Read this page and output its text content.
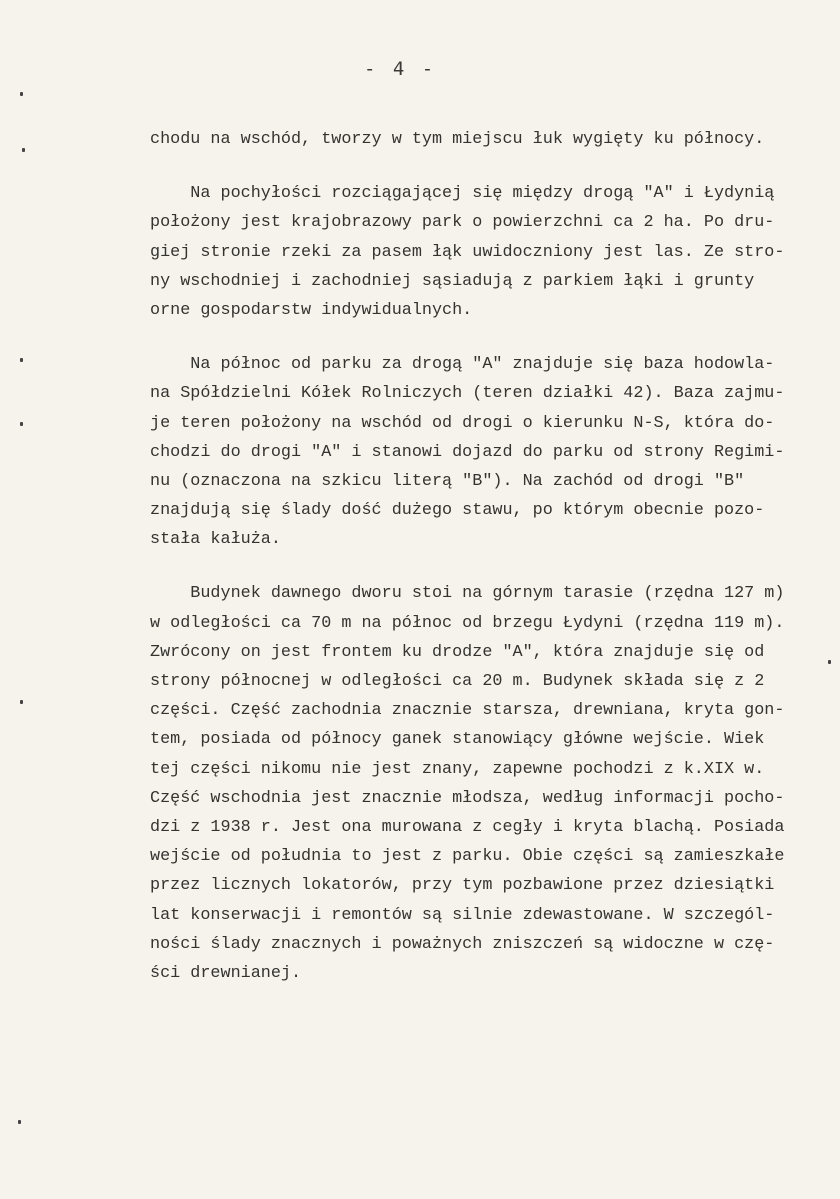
- 4 -
chodu na wschód, tworzy w tym miejscu łuk wygięty ku północy.
Na pochyłości rozciągającej się między drogą "A" i Łydynią
położony jest krajobrazowy park o powierzchni ca 2 ha. Po dru-
giej stronie rzeki za pasem łąk uwidoczniony jest las. Ze stro-
ny wschodniej i zachodniej sąsiadują z parkiem łąki i grunty
orne gospodarstw indywidualnych.
Na północ od parku za drogą "A" znajduje się baza hodowla-
na Spółdzielni Kółek Rolniczych (teren działki 42). Baza zajmu-
je teren położony na wschód od drogi o kierunku N-S, która do-
chodzi do drogi "A" i stanowi dojazd do parku od strony Regimi-
nu (oznaczona na szkicu literą "B"). Na zachód od drogi "B"
znajdują się ślady dość dużego stawu, po którym obecnie pozo-
stała kałuża.
Budynek dawnego dworu stoi na górnym tarasie (rzędna 127 m)
w odległości ca 70 m na północ od brzegu Łydyni (rzędna 119 m).
Zwrócony on jest frontem ku drodze "A", która znajduje się od
strony północnej w odległości ca 20 m. Budynek składa się z 2
części. Część zachodnia znacznie starsza, drewniana, kryta gon-
tem, posiada od północy ganek stanowiący główne wejście. Wiek
tej części nikomu nie jest znany, zapewne pochodzi z k.XIX w.
Część wschodnia jest znacznie młodsza, według informacji pocho-
dzi z 1938 r. Jest ona murowana z cegły i kryta blachą. Posiada
wejście od południa to jest z parku. Obie części są zamieszkałe
przez licznych lokatorów, przy tym pozbawione przez dziesiątki
lat konserwacji i remontów są silnie zdewastowane. W szczegól-
ności ślady znacznych i poważnych zniszczeń są widoczne w czę-
ści drewnianej.
